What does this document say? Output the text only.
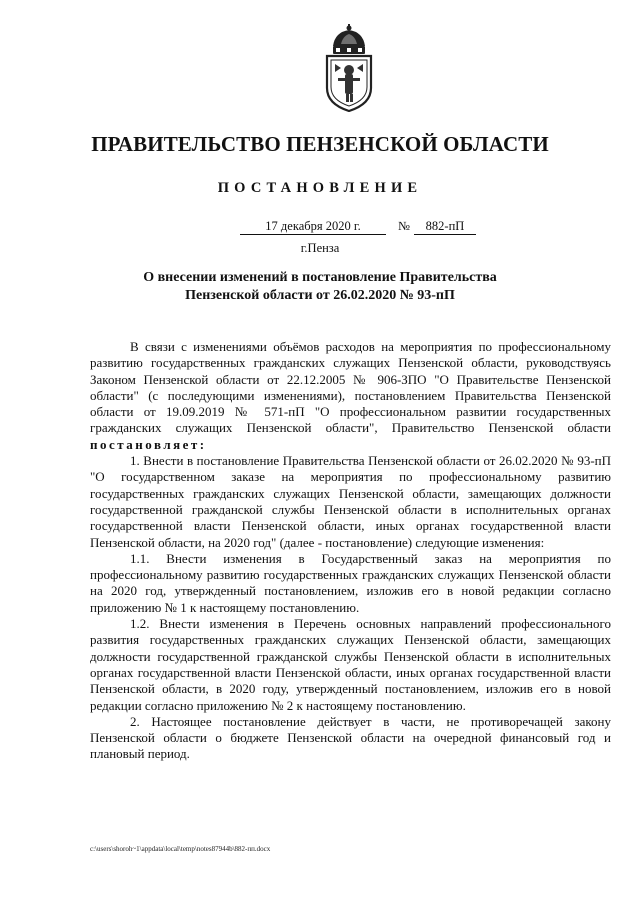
ПРАВИТЕЛЬСТВО ПЕНЗЕНСКОЙ ОБЛАСТИ
ПОСТАНОВЛЕНИЕ
17 декабря 2020 г.	№	882-пП
г.Пенза
О внесении изменений в постановление Правительства
Пензенской области от 26.02.2020 № 93-пП

В связи с изменениями объёмов расходов на мероприятия по профессиональному развитию государственных гражданских служащих Пензенской области, руководствуясь Законом Пензенской области от 22.12.2005 № 906-ЗПО "О Правительстве Пензенской области" (с последующими изменениями), постановлением Правительства Пензенской области от 19.09.2019 № 571-пП "О профессиональном развитии государственных гражданских служащих Пензенской области", Правительство Пензенской области постановляет:

1. Внести в постановление Правительства Пензенской области от 26.02.2020 № 93-пП "О государственном заказе на мероприятия по профессиональному развитию государственных гражданских служащих Пензенской области, замещающих должности государственной гражданской службы Пензенской области в исполнительных органах государственной власти Пензенской области, иных органах государственной власти Пензенской области, на 2020 год" (далее - постановление) следующие изменения:

1.1. Внести изменения в Государственный заказ на мероприятия по профессиональному развитию государственных гражданских служащих Пензенской области на 2020 год, утвержденный постановлением, изложив его в новой редакции согласно приложению № 1 к настоящему постановлению.

1.2. Внести изменения в Перечень основных направлений профессионального развития государственных гражданских служащих Пензенской области, замещающих должности государственной гражданской службы Пензенской области в исполнительных органах государственной власти Пензенской области, иных органах государственной власти Пензенской области, в 2020 году, утвержденный постановлением, изложив его в новой редакции согласно приложению № 2 к настоящему постановлению.

2. Настоящее постановление действует в части, не противоречащей закону Пензенской области о бюджете Пензенской области на очередной финансовый год и плановый период.

c:\users\shoroh~1\appdata\local\temp\notes87944b\882-пп.docx
